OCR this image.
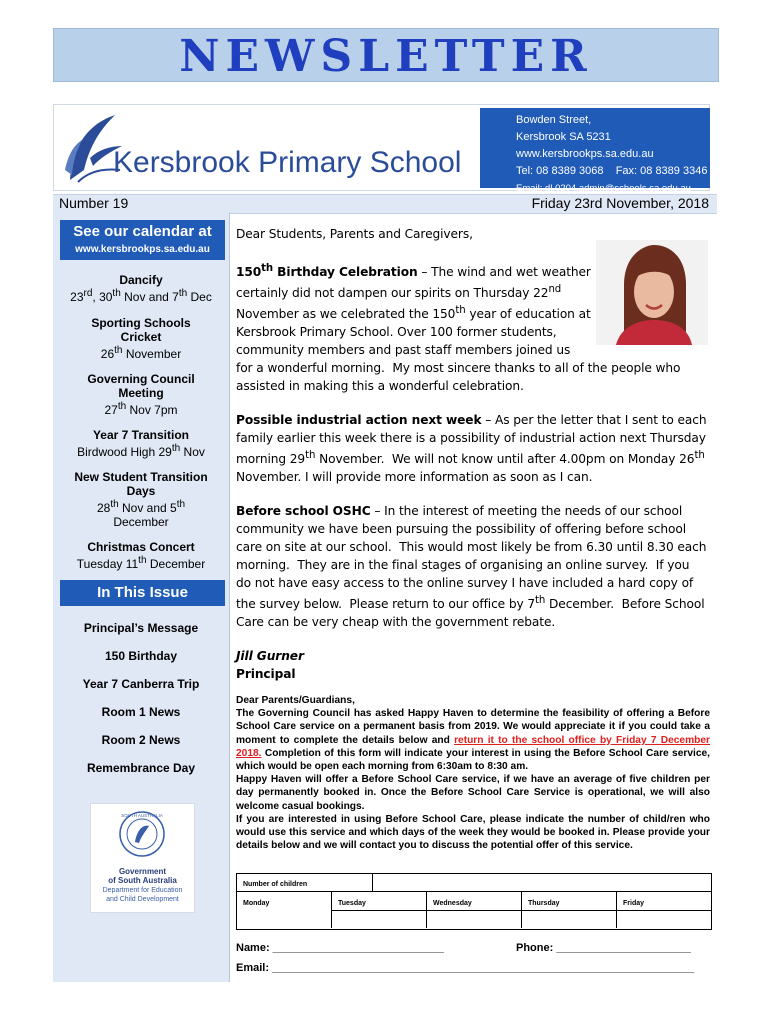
NEWSLETTER
Kersbrook Primary School
Bowden Street,
Kersbrook SA 5231
www.kersbrookps.sa.edu.au
Tel: 08 8389 3068 Fax: 08 8389 3346
Email: dl.0204.admin@schools.sa.edu.au
Number 19	Friday 23rd November, 2018
See our calendar at
www.kersbrookps.sa.edu.au
Dancify
23rd, 30th Nov and 7th Dec
Sporting Schools
Cricket
26th November
Governing Council
Meeting
27th Nov 7pm
Year 7 Transition
Birdwood High 29th Nov
New Student Transition
Days
28th Nov and 5th
December
Christmas Concert
Tuesday 11th December
In This Issue
Principal’s Message
150 Birthday
Year 7 Canberra Trip
Room 1 News
Room 2 News
Remembrance Day
SOUTH AUSTRALIA
Government
of South Australia
Department for Education
and Child Development

Dear Students, Parents and Caregivers,

150th Birthday Celebration – The wind and wet weather certainly did not dampen our spirits on Thursday 22nd November as we celebrated the 150th year of education at Kersbrook Primary School. Over 100 former students, community members and past staff members joined us

for a wonderful morning.  My most sincere thanks to all of the people who assisted in making this a wonderful celebration.

Possible industrial action next week – As per the letter that I sent to each family earlier this week there is a possibility of industrial action next Thursday morning 29th November.  We will not know until after 4.00pm on Monday 26th November. I will provide more information as soon as I can.

Before school OSHC – In the interest of meeting the needs of our school community we have been pursuing the possibility of offering before school care on site at our school.  This would most likely be from 6.30 until 8.30 each morning.  They are in the final stages of organising an online survey.  If you do not have easy access to the online survey I have included a hard copy of the survey below.  Please return to our office by 7th December.  Before School Care can be very cheap with the government rebate.

Jill Gurner

Principal

Dear Parents/Guardians,
The Governing Council has asked Happy Haven to determine the feasibility of offering a Before School Care service on a permanent basis from 2019. We would appreciate it if you could take a moment to complete the details below and return it to the school office by Friday 7 December 2018. Completion of this form will indicate your interest in using the Before School Care service, which would be open each morning from 6:30am to 8:30 am.
Happy Haven will offer a Before School Care service, if we have an average of five children per day permanently booked in. Once the Before School Care Service is operational, we will also welcome casual bookings.
If you are interested in using Before School Care, please indicate the number of child/ren who would use this service and which days of the week they would be booked in. Please provide your details below and we will contact you to discuss the potential offer of this service.
Number of children
Monday	Tuesday	Wednesday	Thursday	Friday
Name: ____________________________	Phone: ______________________
Email: _____________________________________________________________________
